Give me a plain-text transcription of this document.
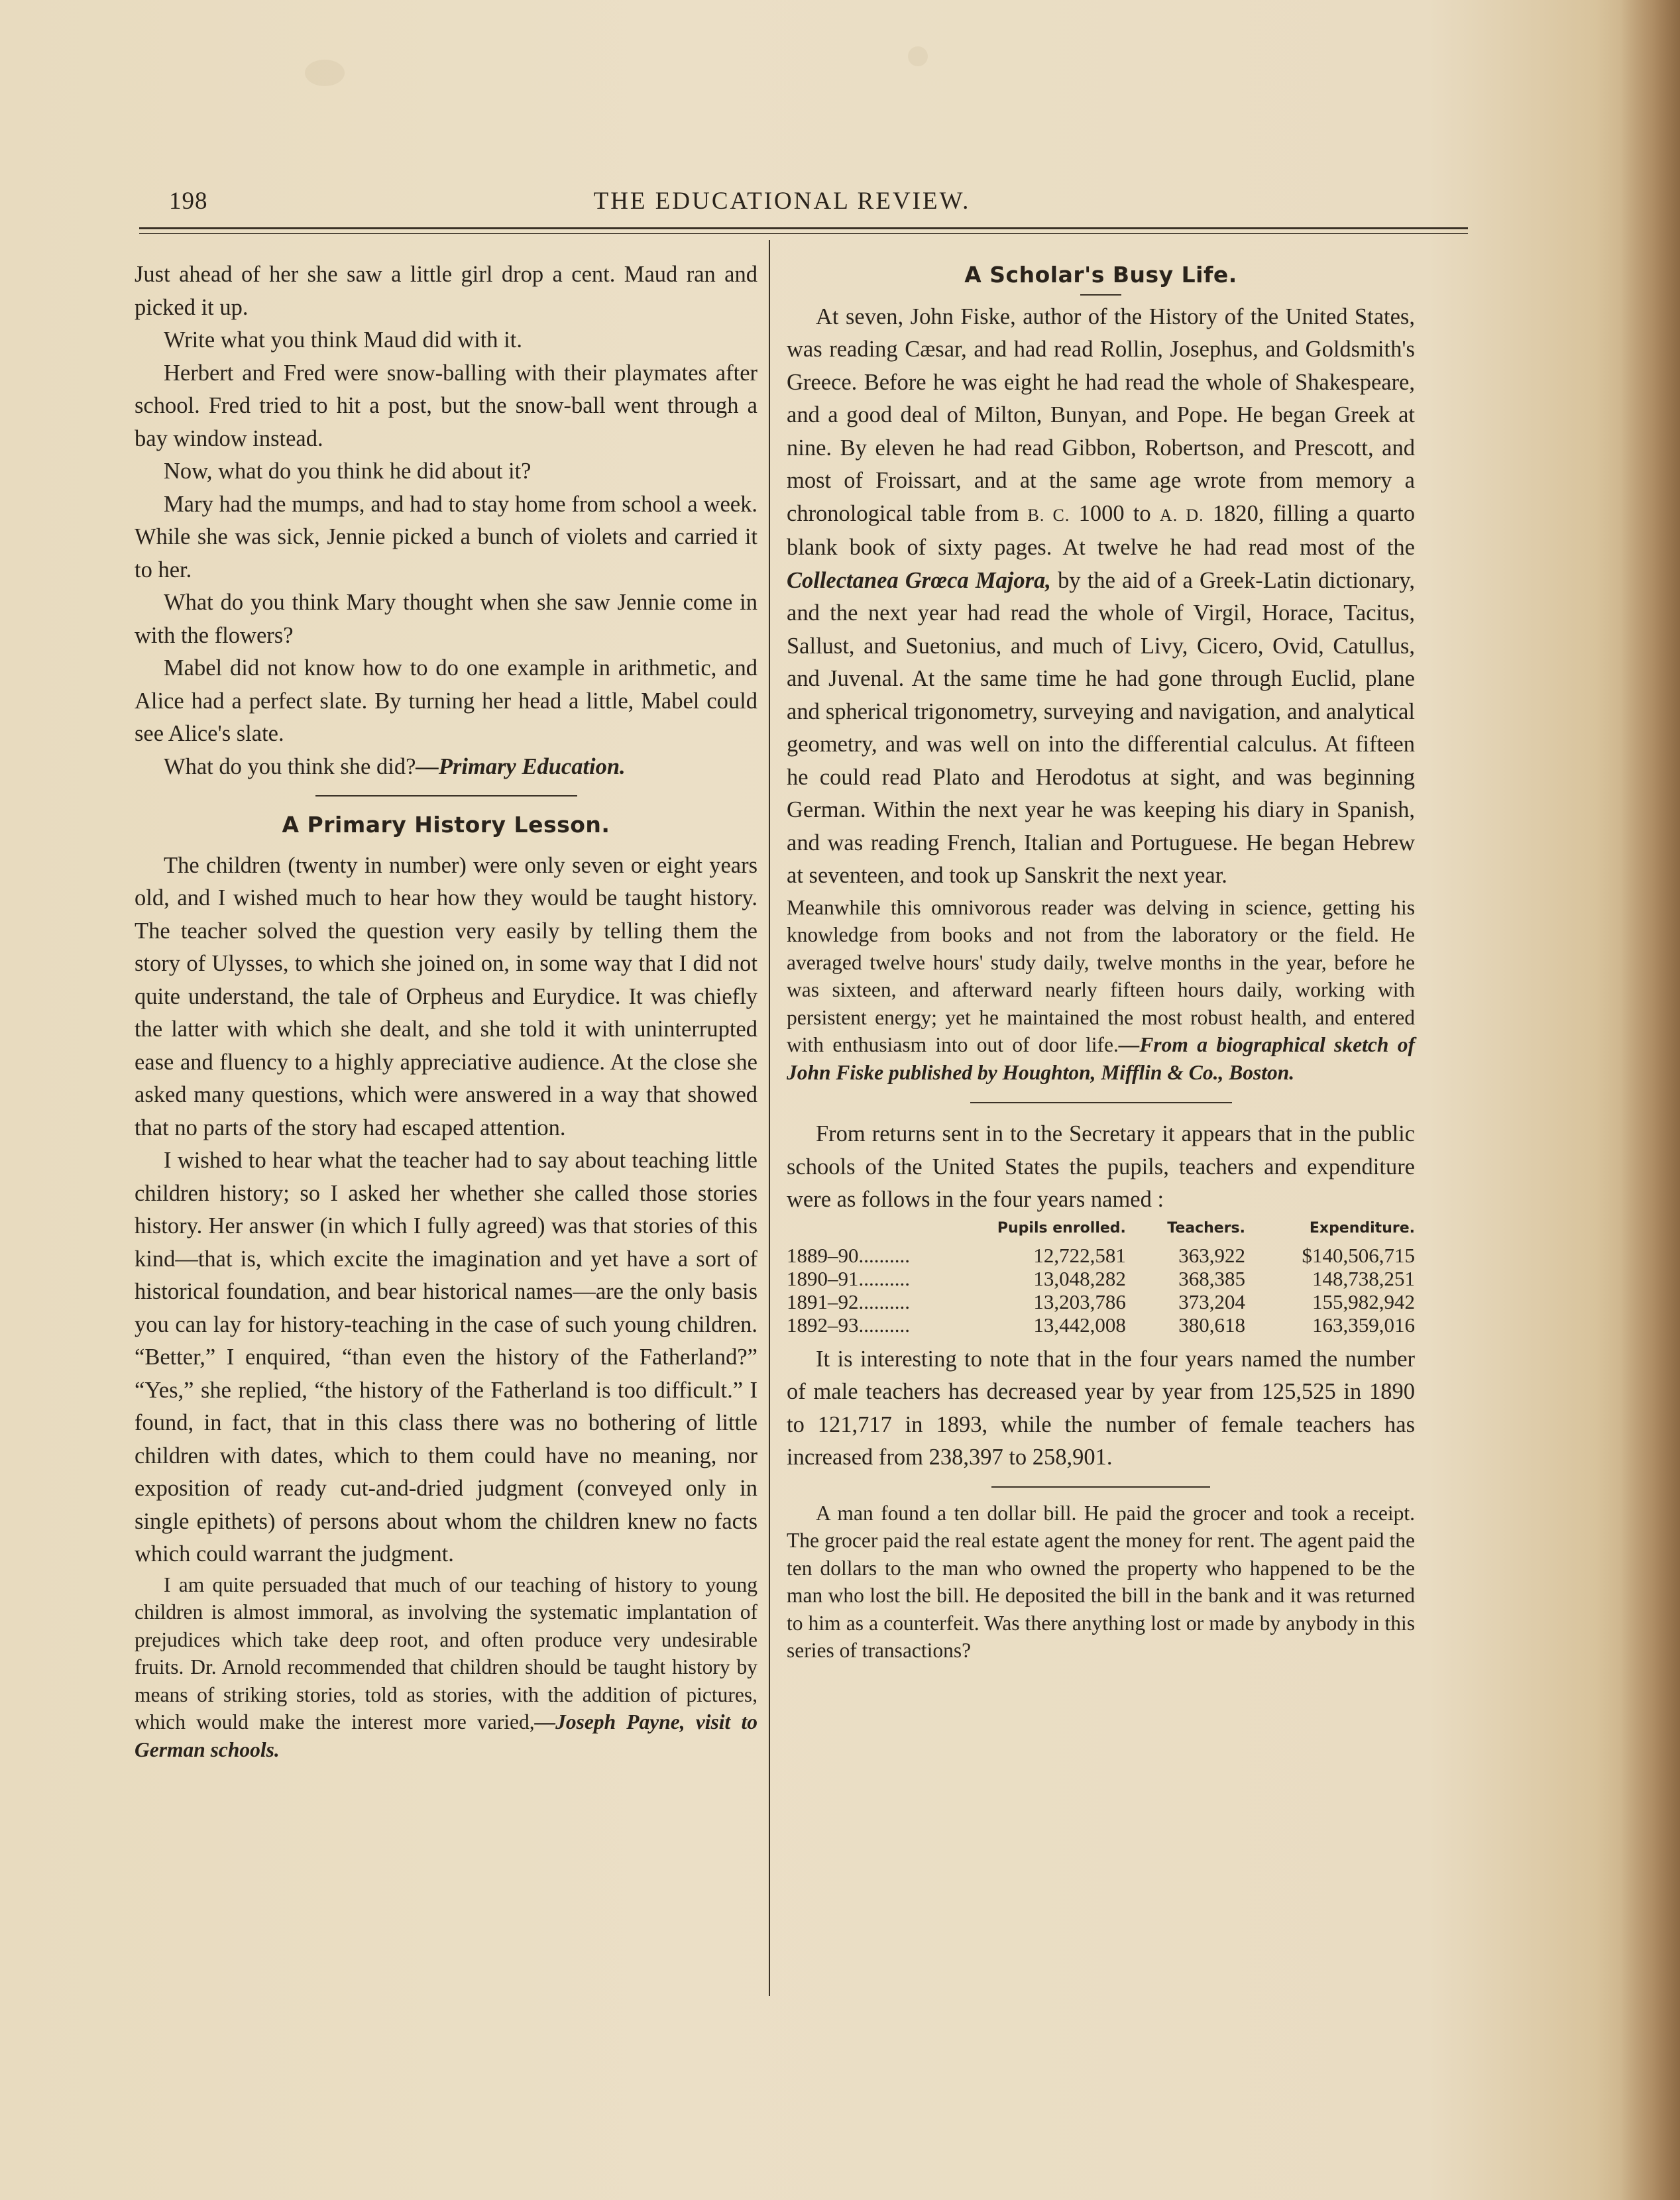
198	THE EDUCATIONAL REVIEW.

Just ahead of her she saw a little girl drop a cent. Maud ran and picked it up.

Write what you think Maud did with it.

Herbert and Fred were snow-balling with their playmates after school. Fred tried to hit a post, but the snow-ball went through a bay window instead.

Now, what do you think he did about it?

Mary had the mumps, and had to stay home from school a week. While she was sick, Jennie picked a bunch of violets and carried it to her.

What do you think Mary thought when she saw Jennie come in with the flowers?

Mabel did not know how to do one example in arithmetic, and Alice had a perfect slate. By turning her head a little, Mabel could see Alice's slate.

What do you think she did?—Primary Education.

A Primary History Lesson.

The children (twenty in number) were only seven or eight years old, and I wished much to hear how they would be taught history. The teacher solved the question very easily by telling them the story of Ulysses, to which she joined on, in some way that I did not quite understand, the tale of Orpheus and Eurydice. It was chiefly the latter with which she dealt, and she told it with uninterrupted ease and fluency to a highly appreciative audience. At the close she asked many questions, which were answered in a way that showed that no parts of the story had escaped attention.

I wished to hear what the teacher had to say about teaching little children history; so I asked her whether she called those stories history. Her answer (in which I fully agreed) was that stories of this kind—that is, which excite the imagination and yet have a sort of historical foundation, and bear historical names—are the only basis you can lay for history-teaching in the case of such young children. “Better,” I enquired, “than even the history of the Fatherland?” “Yes,” she replied, “the history of the Fatherland is too difficult.” I found, in fact, that in this class there was no bothering of little children with dates, which to them could have no meaning, nor exposition of ready cut-and-dried judgment (conveyed only in single epithets) of persons about whom the children knew no facts which could warrant the judgment.

I am quite persuaded that much of our teaching of history to young children is almost immoral, as involving the systematic implantation of prejudices which take deep root, and often produce very undesirable fruits. Dr. Arnold recommended that children should be taught history by means of striking stories, told as stories, with the addition of pictures, which would make the interest more varied,—Joseph Payne, visit to German schools.

A Scholar's Busy Life.

At seven, John Fiske, author of the History of the United States, was reading Cæsar, and had read Rollin, Josephus, and Goldsmith's Greece. Before he was eight he had read the whole of Shakespeare, and a good deal of Milton, Bunyan, and Pope. He began Greek at nine. By eleven he had read Gibbon, Robertson, and Prescott, and most of Froissart, and at the same age wrote from memory a chronological table from B. C. 1000 to A. D. 1820, filling a quarto blank book of sixty pages. At twelve he had read most of the Collectanea Grœca Majora, by the aid of a Greek-Latin dictionary, and the next year had read the whole of Virgil, Horace, Tacitus, Sallust, and Suetonius, and much of Livy, Cicero, Ovid, Catullus, and Juvenal. At the same time he had gone through Euclid, plane and spherical trigonometry, surveying and navigation, and analytical geometry, and was well on into the differential calculus. At fifteen he could read Plato and Herodotus at sight, and was beginning German. Within the next year he was keeping his diary in Spanish, and was reading French, Italian and Portuguese. He began Hebrew at seventeen, and took up Sanskrit the next year.

Meanwhile this omnivorous reader was delving in science, getting his knowledge from books and not from the laboratory or the field. He averaged twelve hours' study daily, twelve months in the year, before he was sixteen, and afterward nearly fifteen hours daily, working with persistent energy; yet he maintained the most robust health, and entered with enthusiasm into out of door life.—From a biographical sketch of John Fiske published by Houghton, Mifflin & Co., Boston.

From returns sent in to the Secretary it appears that in the public schools of the United States the pupils, teachers and expenditure were as follows in the four years named :

	Pupils enrolled.	Teachers.	Expenditure.
1889–90..........	12,722,581	363,922	$140,506,715
1890–91..........	13,048,282	368,385	148,738,251
1891–92..........	13,203,786	373,204	155,982,942
1892–93..........	13,442,008	380,618	163,359,016

It is interesting to note that in the four years named the number of male teachers has decreased year by year from 125,525 in 1890 to 121,717 in 1893, while the number of female teachers has increased from 238,397 to 258,901.

A man found a ten dollar bill. He paid the grocer and took a receipt. The grocer paid the real estate agent the money for rent. The agent paid the ten dollars to the man who owned the property who happened to be the man who lost the bill. He deposited the bill in the bank and it was returned to him as a counterfeit. Was there anything lost or made by anybody in this series of transactions?
